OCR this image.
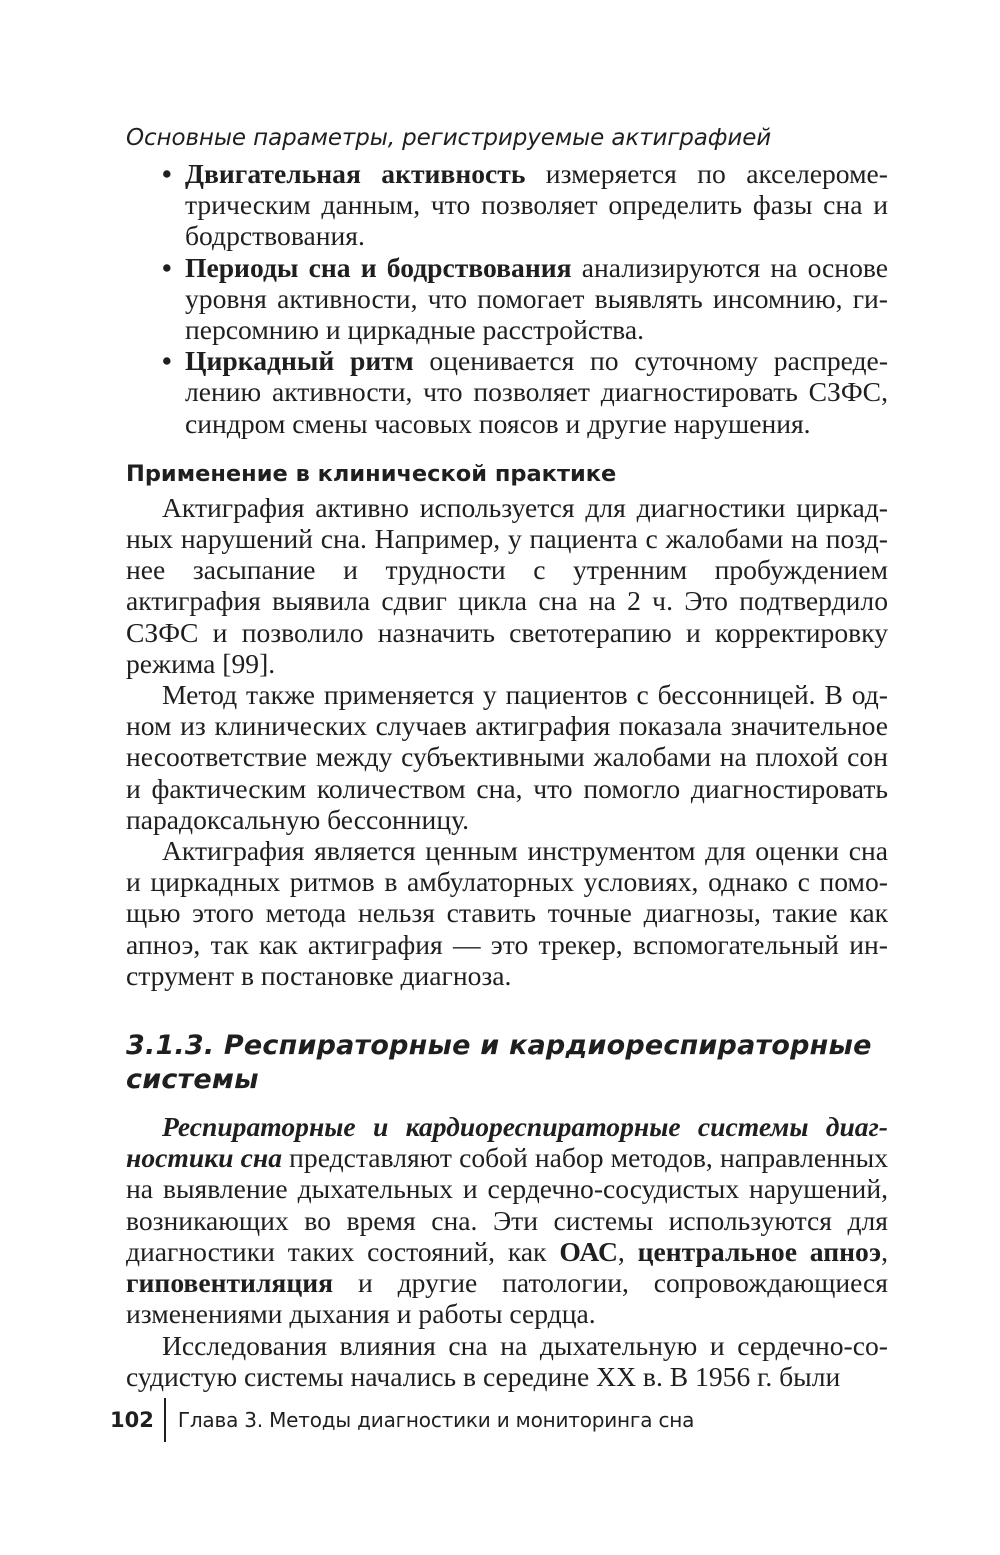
Основные параметры, регистрируемые актиграфией

• Двигательная активность измеряется по акселерометрическим данным, что позволяет определить фазы сна и бодрствования.
• Периоды сна и бодрствования анализируются на основе уровня активности, что помогает выявлять инсомнию, гиперсомнию и циркадные расстройства.
• Циркадный ритм оценивается по суточному распределению активности, что позволяет диагностировать СЗФС, синдром смены часовых поясов и другие нарушения.
Применение в клинической практике

Актиграфия активно используется для диагностики циркадных нарушений сна. Например, у пациента с жалобами на позднее засыпание и трудности с утренним пробуждением актиграфия выявила сдвиг цикла сна на 2 ч. Это подтвердило СЗФС и позволило назначить светотерапию и корректировку режима [99].

Метод также применяется у пациентов с бессонницей. В одном из клинических случаев актиграфия показала значительное несоответствие между субъективными жалобами на плохой сон и фактическим количеством сна, что помогло диагностировать парадоксальную бессонницу.

Актиграфия является ценным инструментом для оценки сна и циркадных ритмов в амбулаторных условиях, однако с помощью этого метода нельзя ставить точные диагнозы, такие как апноэ, так как актиграфия — это трекер, вспомогательный инструмент в постановке диагноза.

3.1.3. Респираторные и кардиореспираторные системы

Респираторные и кардиореспираторные системы диагностики сна представляют собой набор методов, направленных на выявление дыхательных и сердечно-сосудистых нарушений, возникающих во время сна. Эти системы используются для диагностики таких состояний, как ОАС, центральное апноэ, гиповентиляция и другие патологии, сопровождающиеся изменениями дыхания и работы сердца.

Исследования влияния сна на дыхательную и сердечно-сосудистую системы начались в середине XX в. В 1956 г. были

102	Глава 3. Методы диагностики и мониторинга сна
